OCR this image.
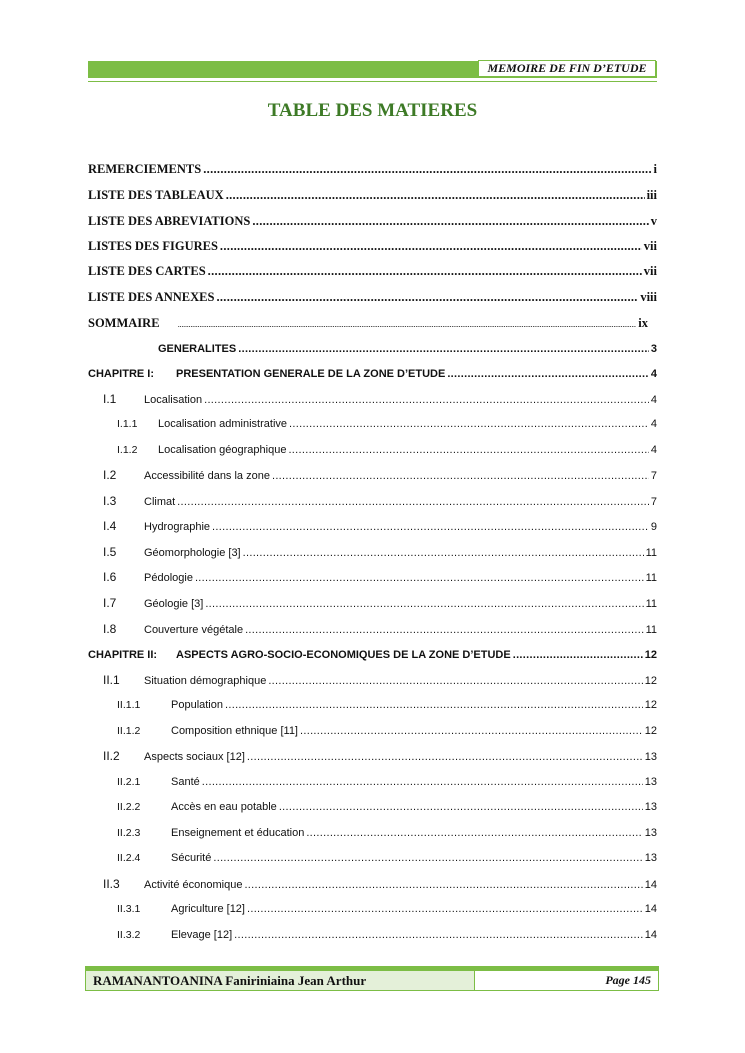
MEMOIRE DE FIN D’ETUDE
TABLE DES MATIERES
REMERCIEMENTS .....	i
LISTE DES TABLEAUX .....	iii
LISTE DES ABREVIATIONS .....	v
LISTES DES FIGURES .....	vii
LISTE DES CARTES .....	vii
LISTE DES ANNEXES .....	viii
SOMMAIRE .....	ix
GENERALITES .....	3
CHAPITRE I:	PRESENTATION GENERALE DE LA ZONE D’ETUDE .....	4
I.1	Localisation .....	4
I.1.1	Localisation administrative .....	4
I.1.2	Localisation géographique .....	4
I.2	Accessibilité dans la zone .....	7
I.3	Climat .....	7
I.4	Hydrographie .....	9
I.5	Géomorphologie [3] .....	11
I.6	Pédologie .....	11
I.7	Géologie [3] .....	11
I.8	Couverture végétale .....	11
CHAPITRE II:	ASPECTS AGRO-SOCIO-ECONOMIQUES DE LA ZONE D’ETUDE .....	12
II.1	Situation démographique .....	12
II.1.1	Population .....	12
II.1.2	Composition ethnique [11] .....	12
II.2	Aspects sociaux [12] .....	13
II.2.1	Santé .....	13
II.2.2	Accès en eau potable .....	13
II.2.3	Enseignement et éducation .....	13
II.2.4	Sécurité .....	13
II.3	Activité économique .....	14
II.3.1	Agriculture [12] .....	14
II.3.2	Elevage [12] .....	14
RAMANANTOANINA Faniriniaina Jean Arthur	Page 145
